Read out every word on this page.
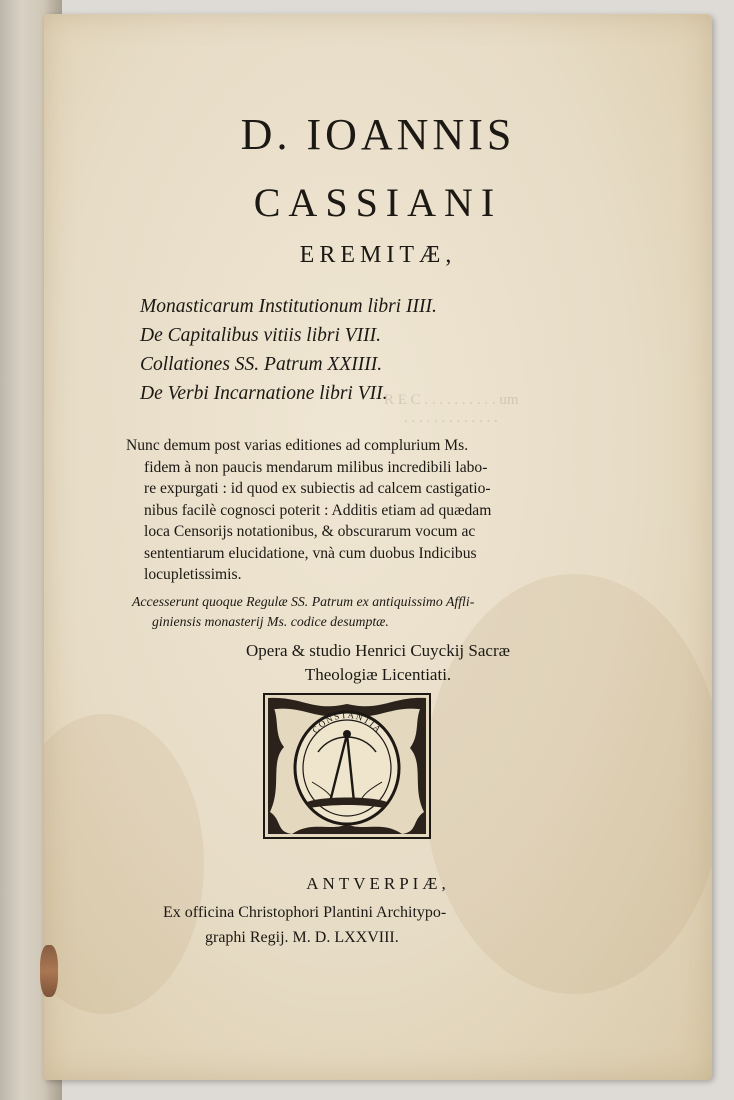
R E C . . . . . . . . . . um
. . . . . . . . . . . . .
D. IOANNIS
CASSIANI
EREMITÆ,
Monasticarum Institutionum libri IIII.
De Capitalibus vitiis libri VIII.
Collationes SS. Patrum XXIIII.
De Verbi Incarnatione libri VII.
Nunc demum post varias editiones ad complurium Ms.
fidem à non paucis mendarum milibus incredibili labo-
re expurgati : id quod ex subiectis ad calcem castigatio-
nibus facilè cognosci poterit : Additis etiam ad quædam
loca Censorijs notationibus, & obscurarum vocum ac
sententiarum elucidatione, vnà cum duobus Indicibus
locupletissimis.
Accesserunt quoque Regulæ SS. Patrum ex antiquissimo Affli-
giniensis monasterij Ms. codice desumptæ.
Opera & studio Henrici Cuyckij Sacræ
Theologiæ Licentiati.
CONSTANTIA
ANTVERPIÆ,
Ex officina Christophori Plantini Architypo-
graphi Regij. M. D. LXXVIII.
